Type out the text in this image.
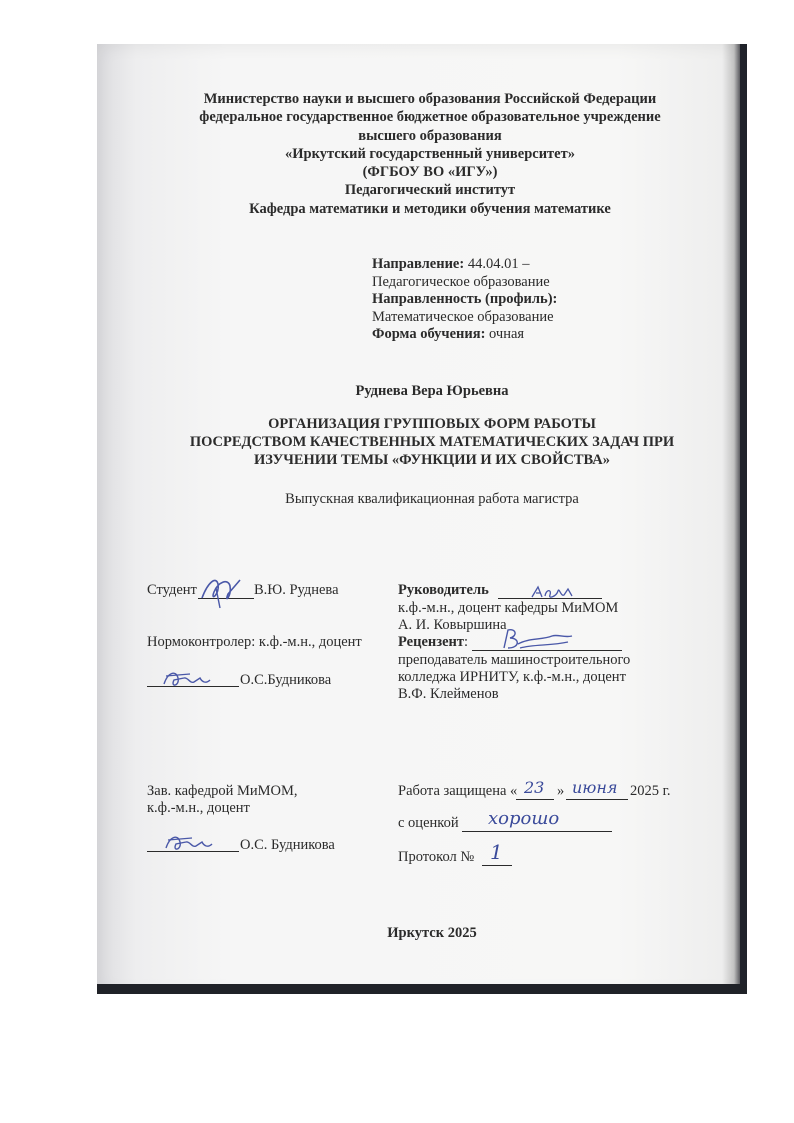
Министерство науки и высшего образования Российской Федерации
федеральное государственное бюджетное образовательное учреждение
высшего образования
«Иркутский государственный университет»
(ФГБОУ ВО «ИГУ»)
Педагогический институт
Кафедра математики и методики обучения математике
Направление: 44.04.01 –
Педагогическое образование
Направленность (профиль):
Математическое образование
Форма обучения: очная
Руднева Вера Юрьевна
ОРГАНИЗАЦИЯ ГРУППОВЫХ ФОРМ РАБОТЫ
ПОСРЕДСТВОМ КАЧЕСТВЕННЫХ МАТЕМАТИЧЕСКИХ ЗАДАЧ ПРИ
ИЗУЧЕНИИ ТЕМЫ «ФУНКЦИИ И ИХ СВОЙСТВА»
Выпускная квалификационная работа магистра
Студент	В.Ю. Руднева	Руководитель
к.ф.-м.н., доцент кафедры МиМОМ
А. И. Ковыршина
Нормоконтролер: к.ф.-м.н., доцент
О.С.Будникова
Рецензент:
преподаватель машиностроительного
колледжа ИРНИТУ, к.ф.-м.н., доцент
В.Ф. Клейменов
Зав. кафедрой МиМОМ,
к.ф.-м.н., доцент
О.С. Будникова
Работа защищена « 23 » июня 2025 г.
с оценкой хорошо
Протокол № 1
Иркутск 2025
